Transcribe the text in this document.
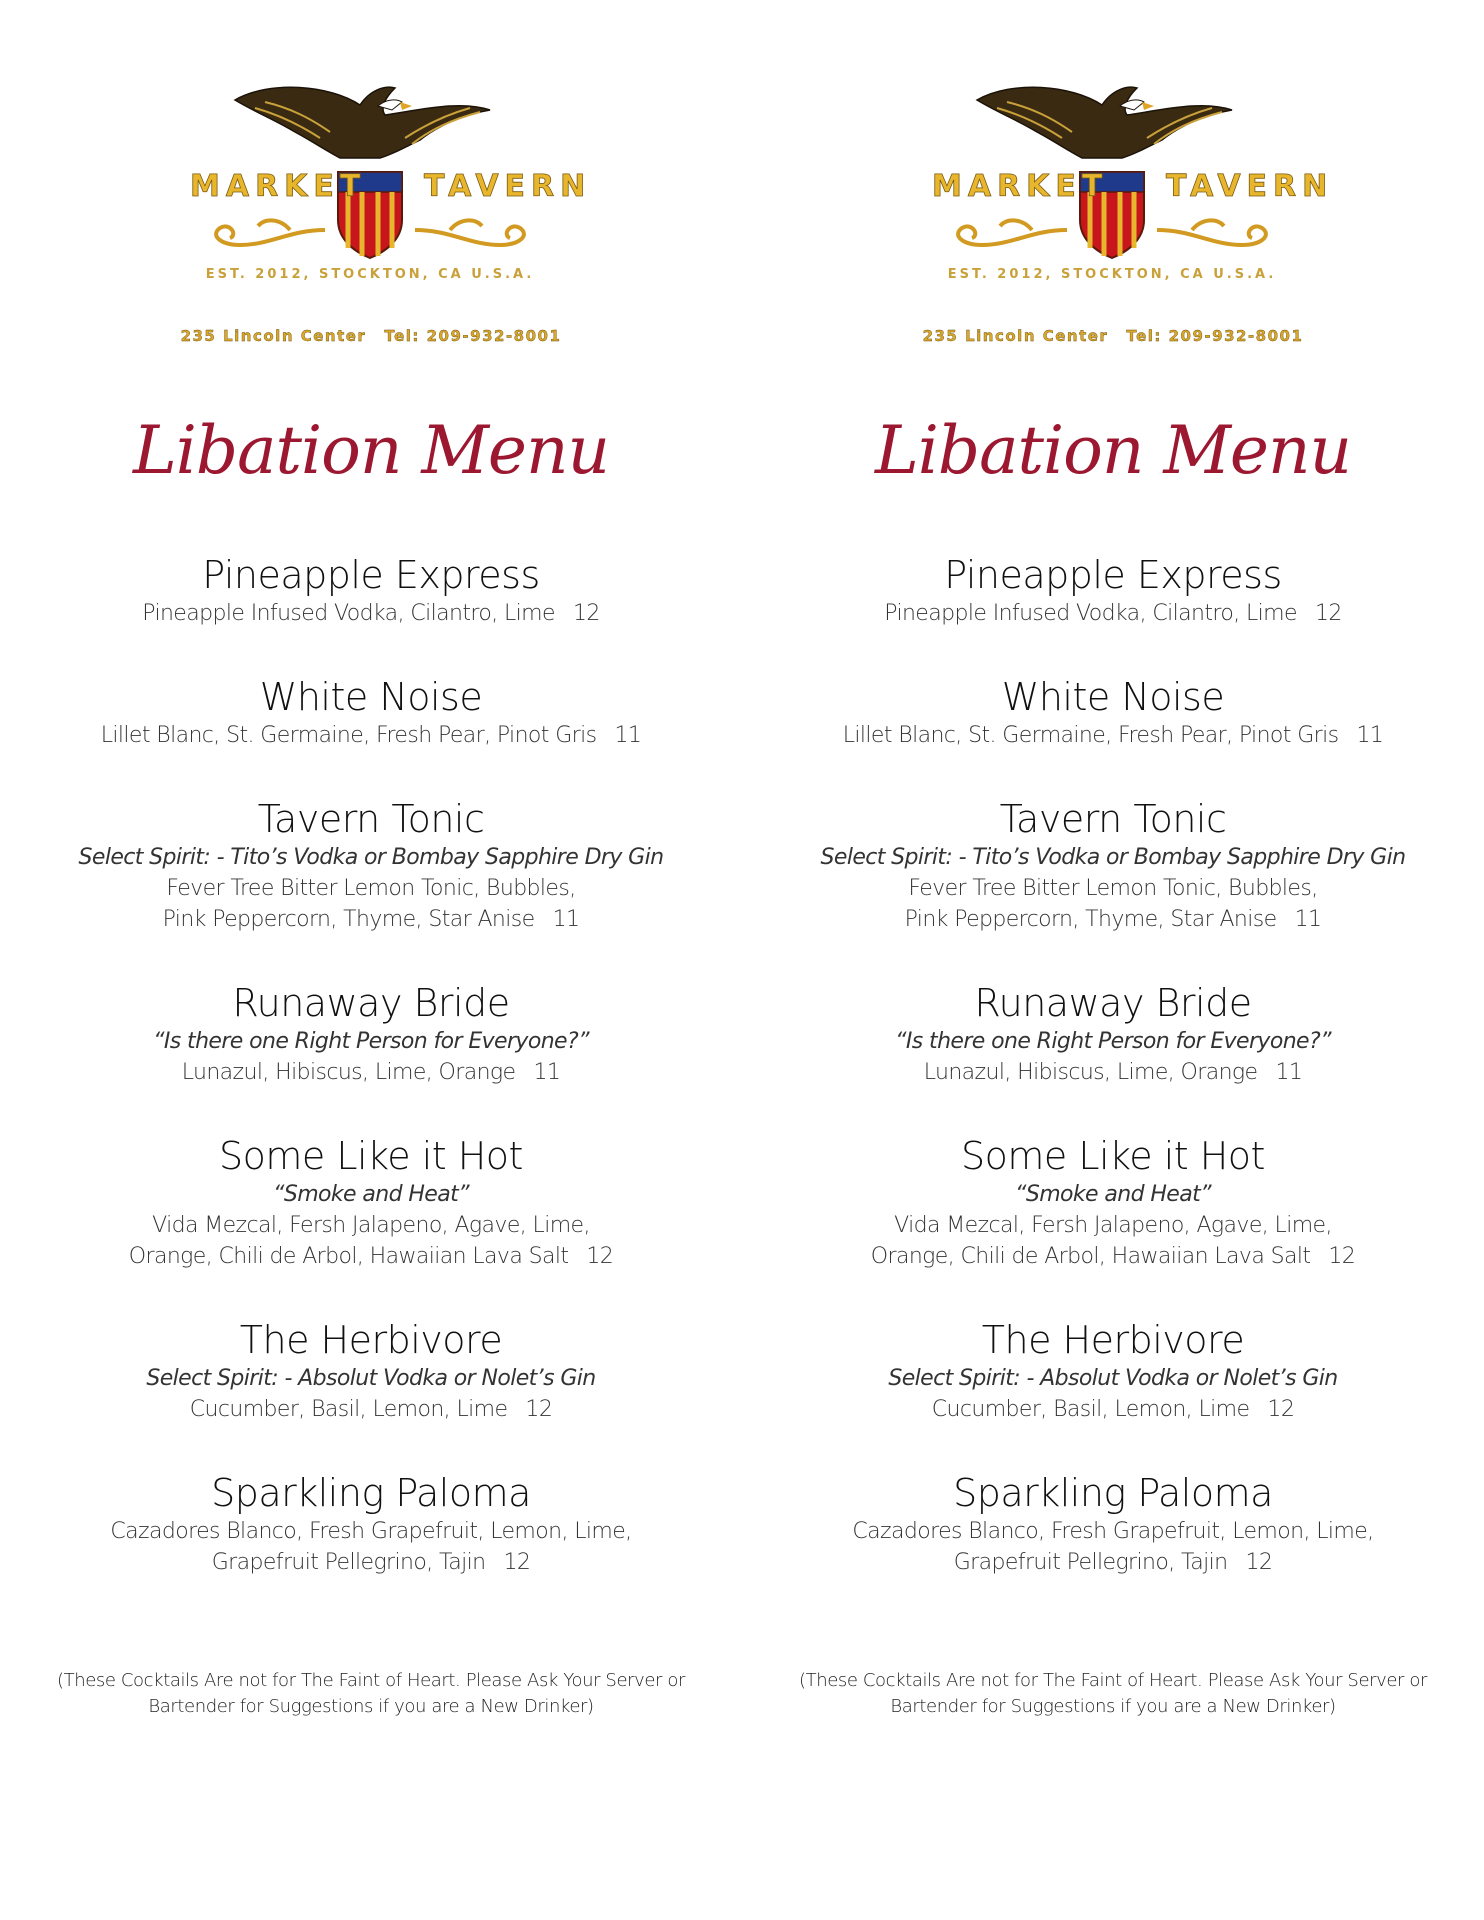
MARKET TAVERN
EST. 2012, STOCKTON, CA U.S.A.
235 Lincoln Center Tel: 209-932-8001
Libation Menu
Pineapple Express
Pineapple Infused Vodka, Cilantro, Lime 12
White Noise
Lillet Blanc, St. Germaine, Fresh Pear, Pinot Gris 11
Tavern Tonic
Select Spirit: - Tito’s Vodka or Bombay Sapphire Dry Gin
Fever Tree Bitter Lemon Tonic, Bubbles,
Pink Peppercorn, Thyme, Star Anise 11
Runaway Bride
“Is there one Right Person for Everyone?”
Lunazul, Hibiscus, Lime, Orange 11
Some Like it Hot
“Smoke and Heat”
Vida Mezcal, Fersh Jalapeno, Agave, Lime,
Orange, Chili de Arbol, Hawaiian Lava Salt 12
The Herbivore
Select Spirit: - Absolut Vodka or Nolet’s Gin
Cucumber, Basil, Lemon, Lime 12
Sparkling Paloma
Cazadores Blanco, Fresh Grapefruit, Lemon, Lime,
Grapefruit Pellegrino, Tajin 12
(These Cocktails Are not for The Faint of Heart. Please Ask Your Server or
Bartender for Suggestions if you are a New Drinker)
MARKET TAVERN
EST. 2012, STOCKTON, CA U.S.A.
235 Lincoln Center Tel: 209-932-8001
Libation Menu
Pineapple Express
Pineapple Infused Vodka, Cilantro, Lime 12
White Noise
Lillet Blanc, St. Germaine, Fresh Pear, Pinot Gris 11
Tavern Tonic
Select Spirit: - Tito’s Vodka or Bombay Sapphire Dry Gin
Fever Tree Bitter Lemon Tonic, Bubbles,
Pink Peppercorn, Thyme, Star Anise 11
Runaway Bride
“Is there one Right Person for Everyone?”
Lunazul, Hibiscus, Lime, Orange 11
Some Like it Hot
“Smoke and Heat”
Vida Mezcal, Fersh Jalapeno, Agave, Lime,
Orange, Chili de Arbol, Hawaiian Lava Salt 12
The Herbivore
Select Spirit: - Absolut Vodka or Nolet’s Gin
Cucumber, Basil, Lemon, Lime 12
Sparkling Paloma
Cazadores Blanco, Fresh Grapefruit, Lemon, Lime,
Grapefruit Pellegrino, Tajin 12
(These Cocktails Are not for The Faint of Heart. Please Ask Your Server or
Bartender for Suggestions if you are a New Drinker)
